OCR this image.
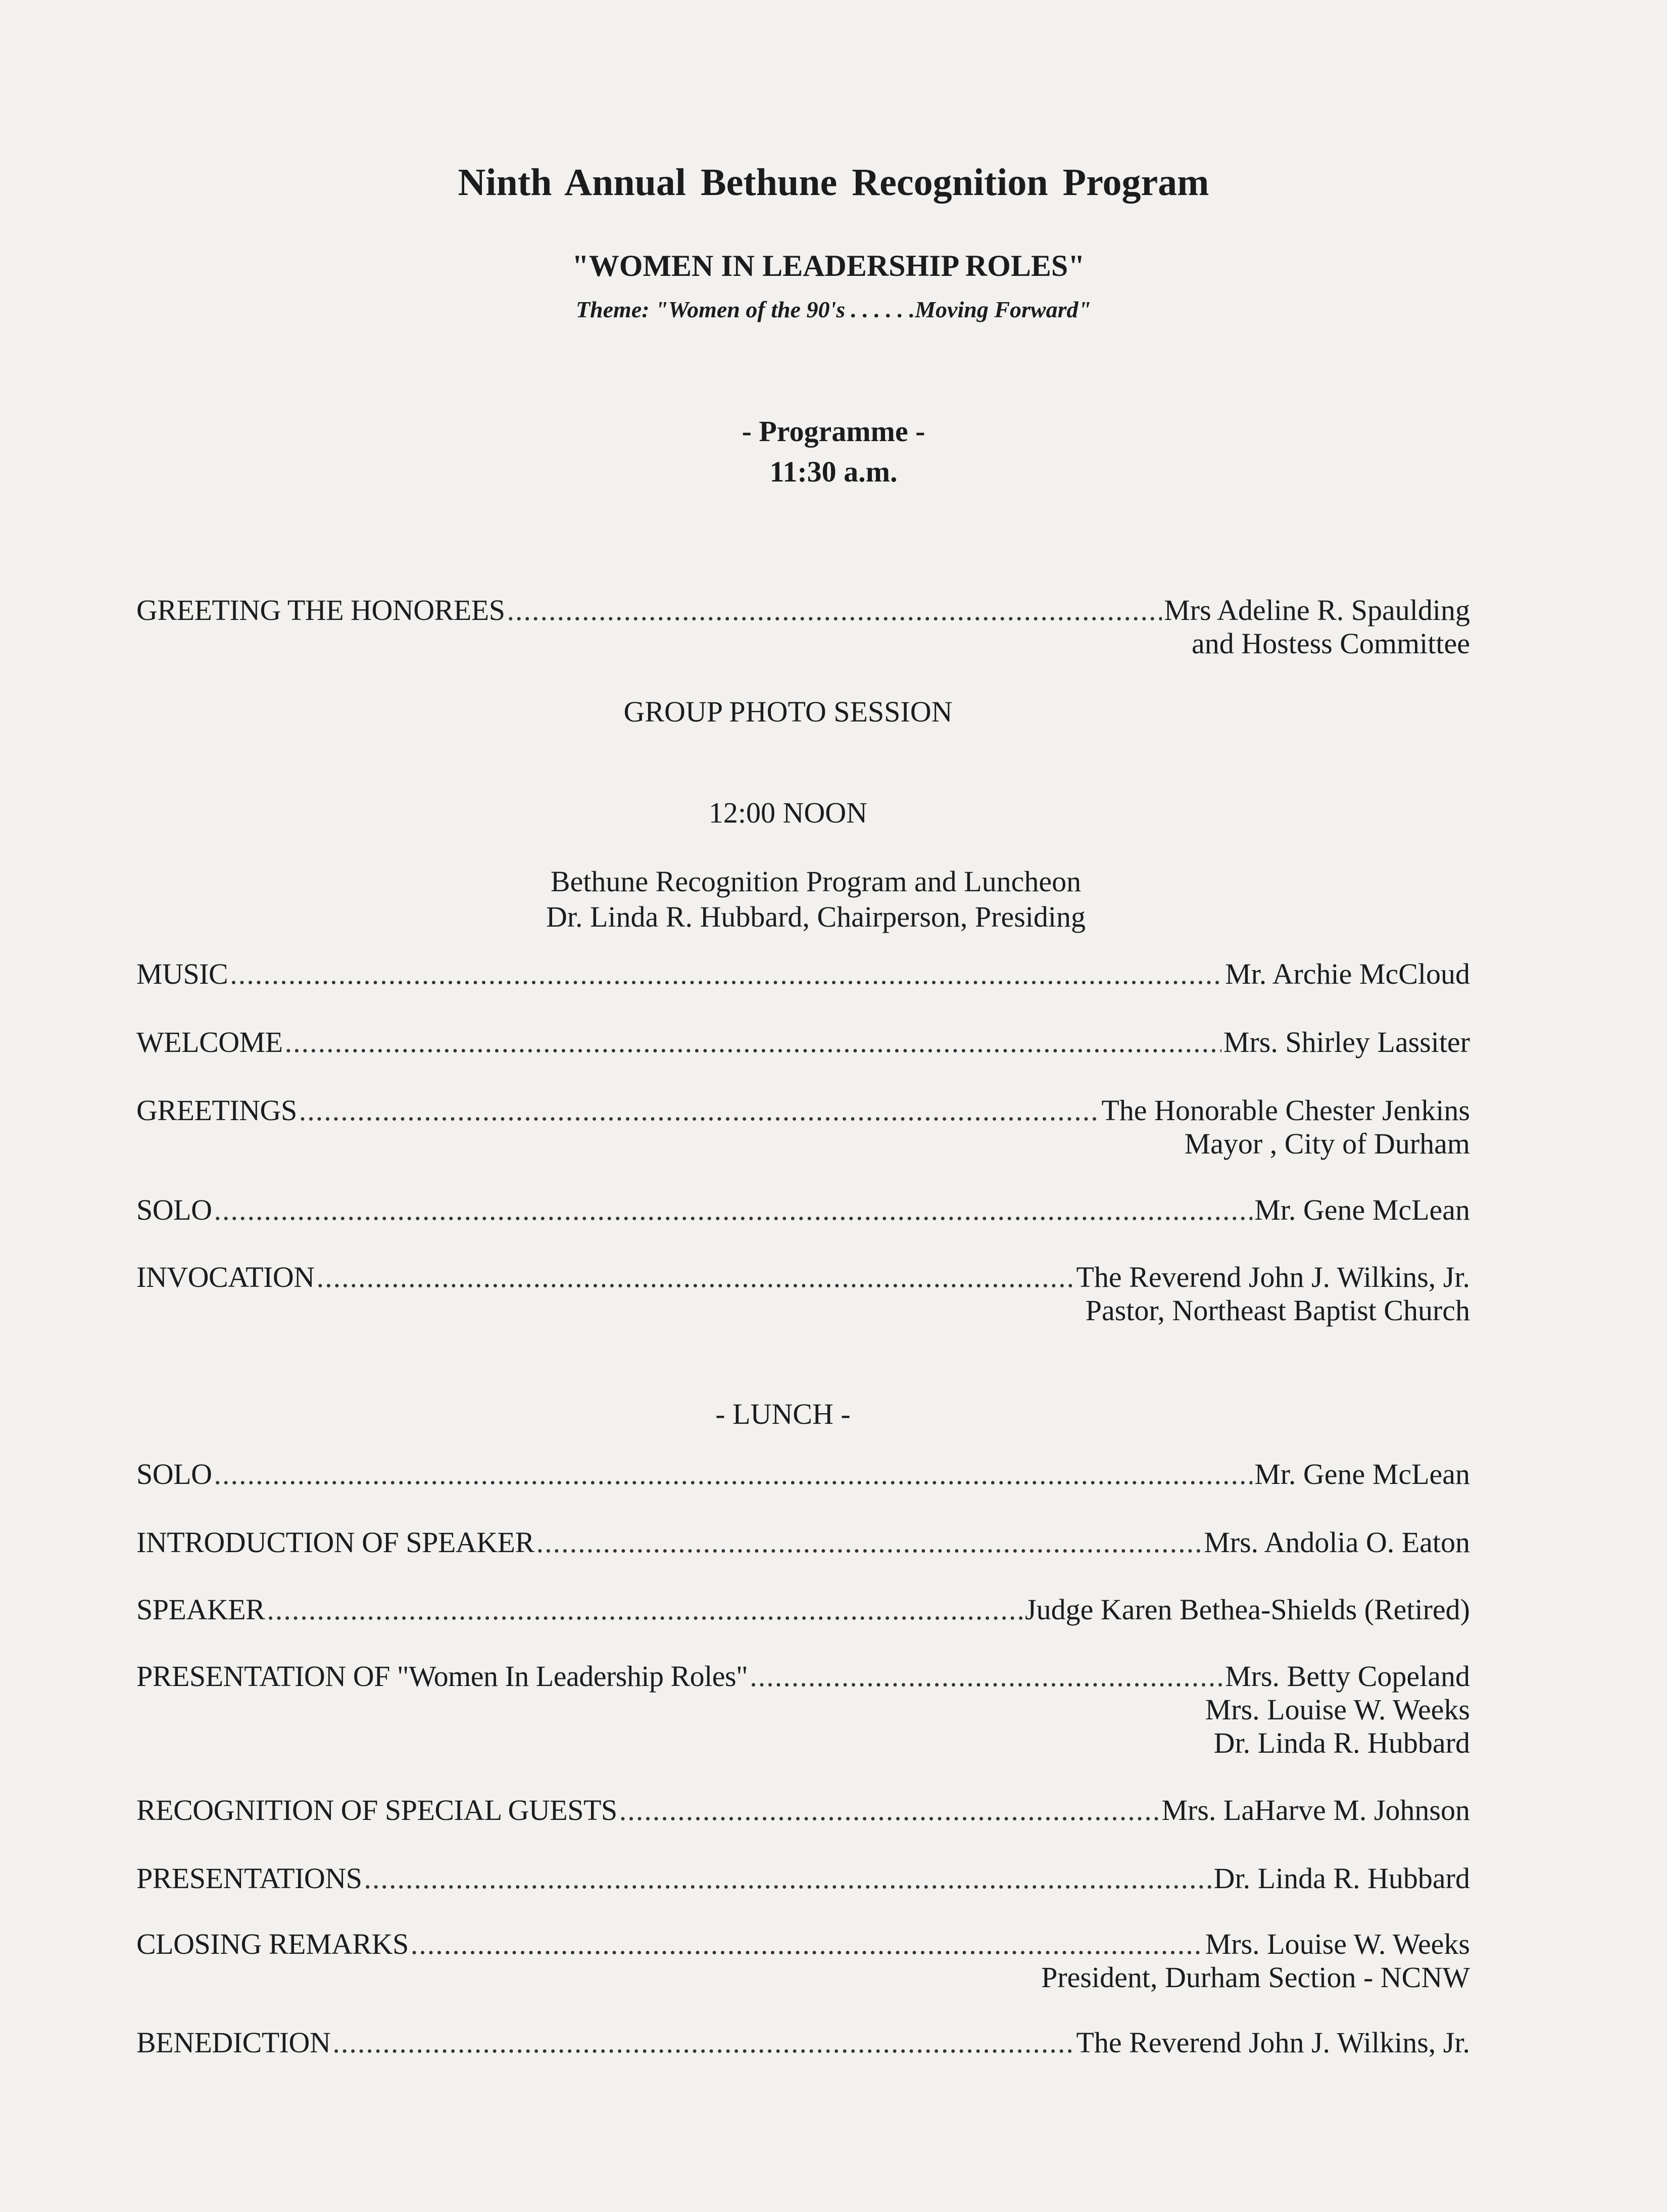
Ninth Annual Bethune Recognition Program
"WOMEN IN LEADERSHIP ROLES"
Theme: "Women of the 90's . . . . . .Moving Forward"
- Programme -
11:30 a.m.
GREETING THE HONOREES .....	Mrs Adeline R. Spaulding
and Hostess Committee
GROUP PHOTO SESSION
12:00 NOON
Bethune Recognition Program and Luncheon
Dr. Linda R. Hubbard, Chairperson, Presiding
MUSIC .....	Mr. Archie McCloud
WELCOME .....	Mrs. Shirley Lassiter
GREETINGS .....	The Honorable Chester Jenkins
Mayor , City of Durham
SOLO .....	Mr. Gene McLean
INVOCATION .....	The Reverend John J. Wilkins, Jr.
Pastor, Northeast Baptist Church
- LUNCH -
SOLO .....	Mr. Gene McLean
INTRODUCTION OF SPEAKER .....	Mrs. Andolia O. Eaton
SPEAKER .....	Judge Karen Bethea-Shields (Retired)
PRESENTATION OF "Women In Leadership Roles" .....	Mrs. Betty Copeland
Mrs. Louise W. Weeks
Dr. Linda R. Hubbard
RECOGNITION OF SPECIAL GUESTS .....	Mrs. LaHarve M. Johnson
PRESENTATIONS .....	Dr. Linda R. Hubbard
CLOSING REMARKS .....	Mrs. Louise W. Weeks
President, Durham Section - NCNW
BENEDICTION .....	The Reverend John J. Wilkins, Jr.
